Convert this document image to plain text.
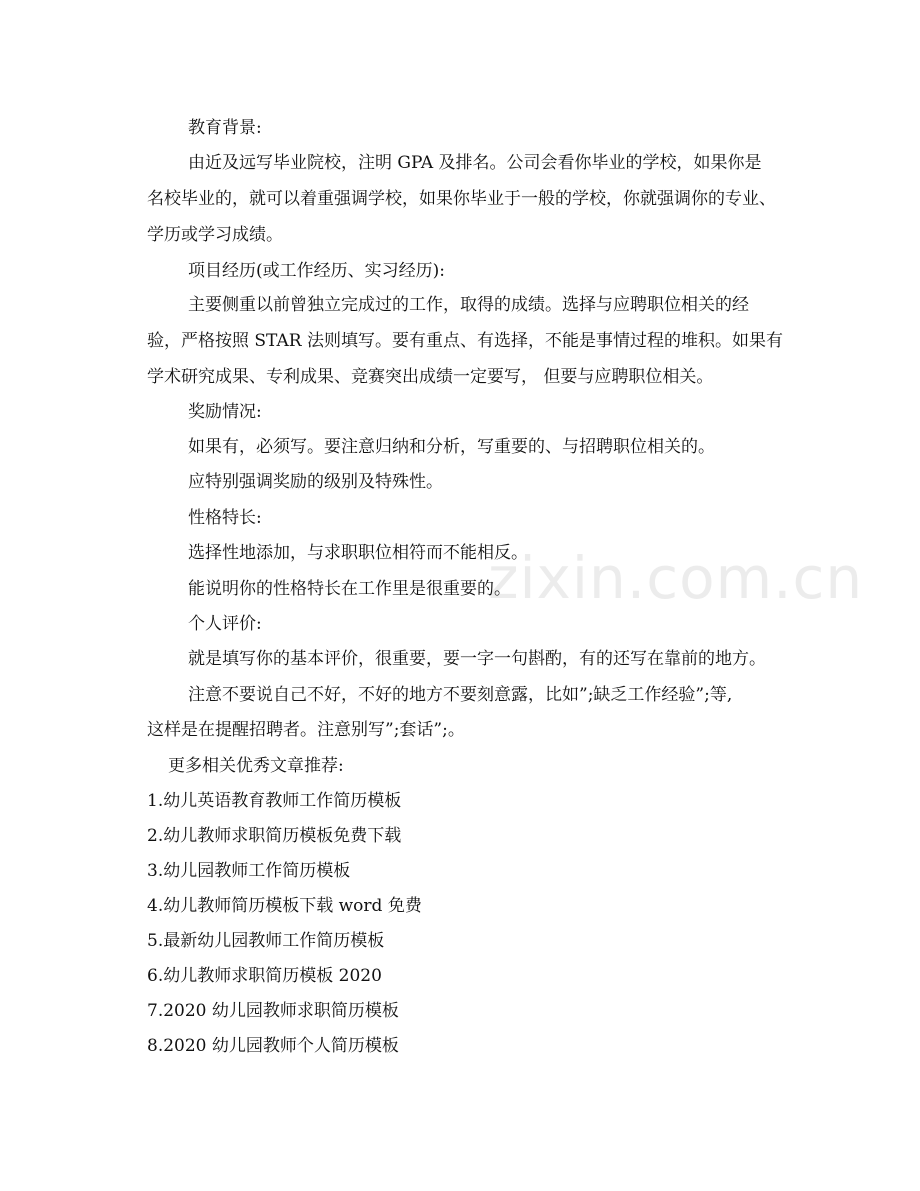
zixin.com.cn
教育背景:
由近及远写毕业院校，注明 GPA 及排名。公司会看你毕业的学校，如果你是
名校毕业的，就可以着重强调学校，如果你毕业于一般的学校，你就强调你的专业、
学历或学习成绩。
项目经历(或工作经历、实习经历):
主要侧重以前曾独立完成过的工作，取得的成绩。选择与应聘职位相关的经
验，严格按照 STAR 法则填写。要有重点、有选择，不能是事情过程的堆积。如果有
学术研究成果、专利成果、竞赛突出成绩一定要写， 但要与应聘职位相关。
奖励情况:
如果有，必须写。要注意归纳和分析，写重要的、与招聘职位相关的。
应特别强调奖励的级别及特殊性。
性格特长:
选择性地添加，与求职职位相符而不能相反。
能说明你的性格特长在工作里是很重要的。
个人评价:
就是填写你的基本评价，很重要，要一字一句斟酌，有的还写在靠前的地方。
注意不要说自己不好，不好的地方不要刻意露，比如”;缺乏工作经验”;等,
这样是在提醒招聘者。注意别写”;套话”;。
更多相关优秀文章推荐:
1.幼儿英语教育教师工作简历模板
2.幼儿教师求职简历模板免费下载
3.幼儿园教师工作简历模板
4.幼儿教师简历模板下载 word 免费
5.最新幼儿园教师工作简历模板
6.幼儿教师求职简历模板 2020
7.2020 幼儿园教师求职简历模板
8.2020 幼儿园教师个人简历模板
